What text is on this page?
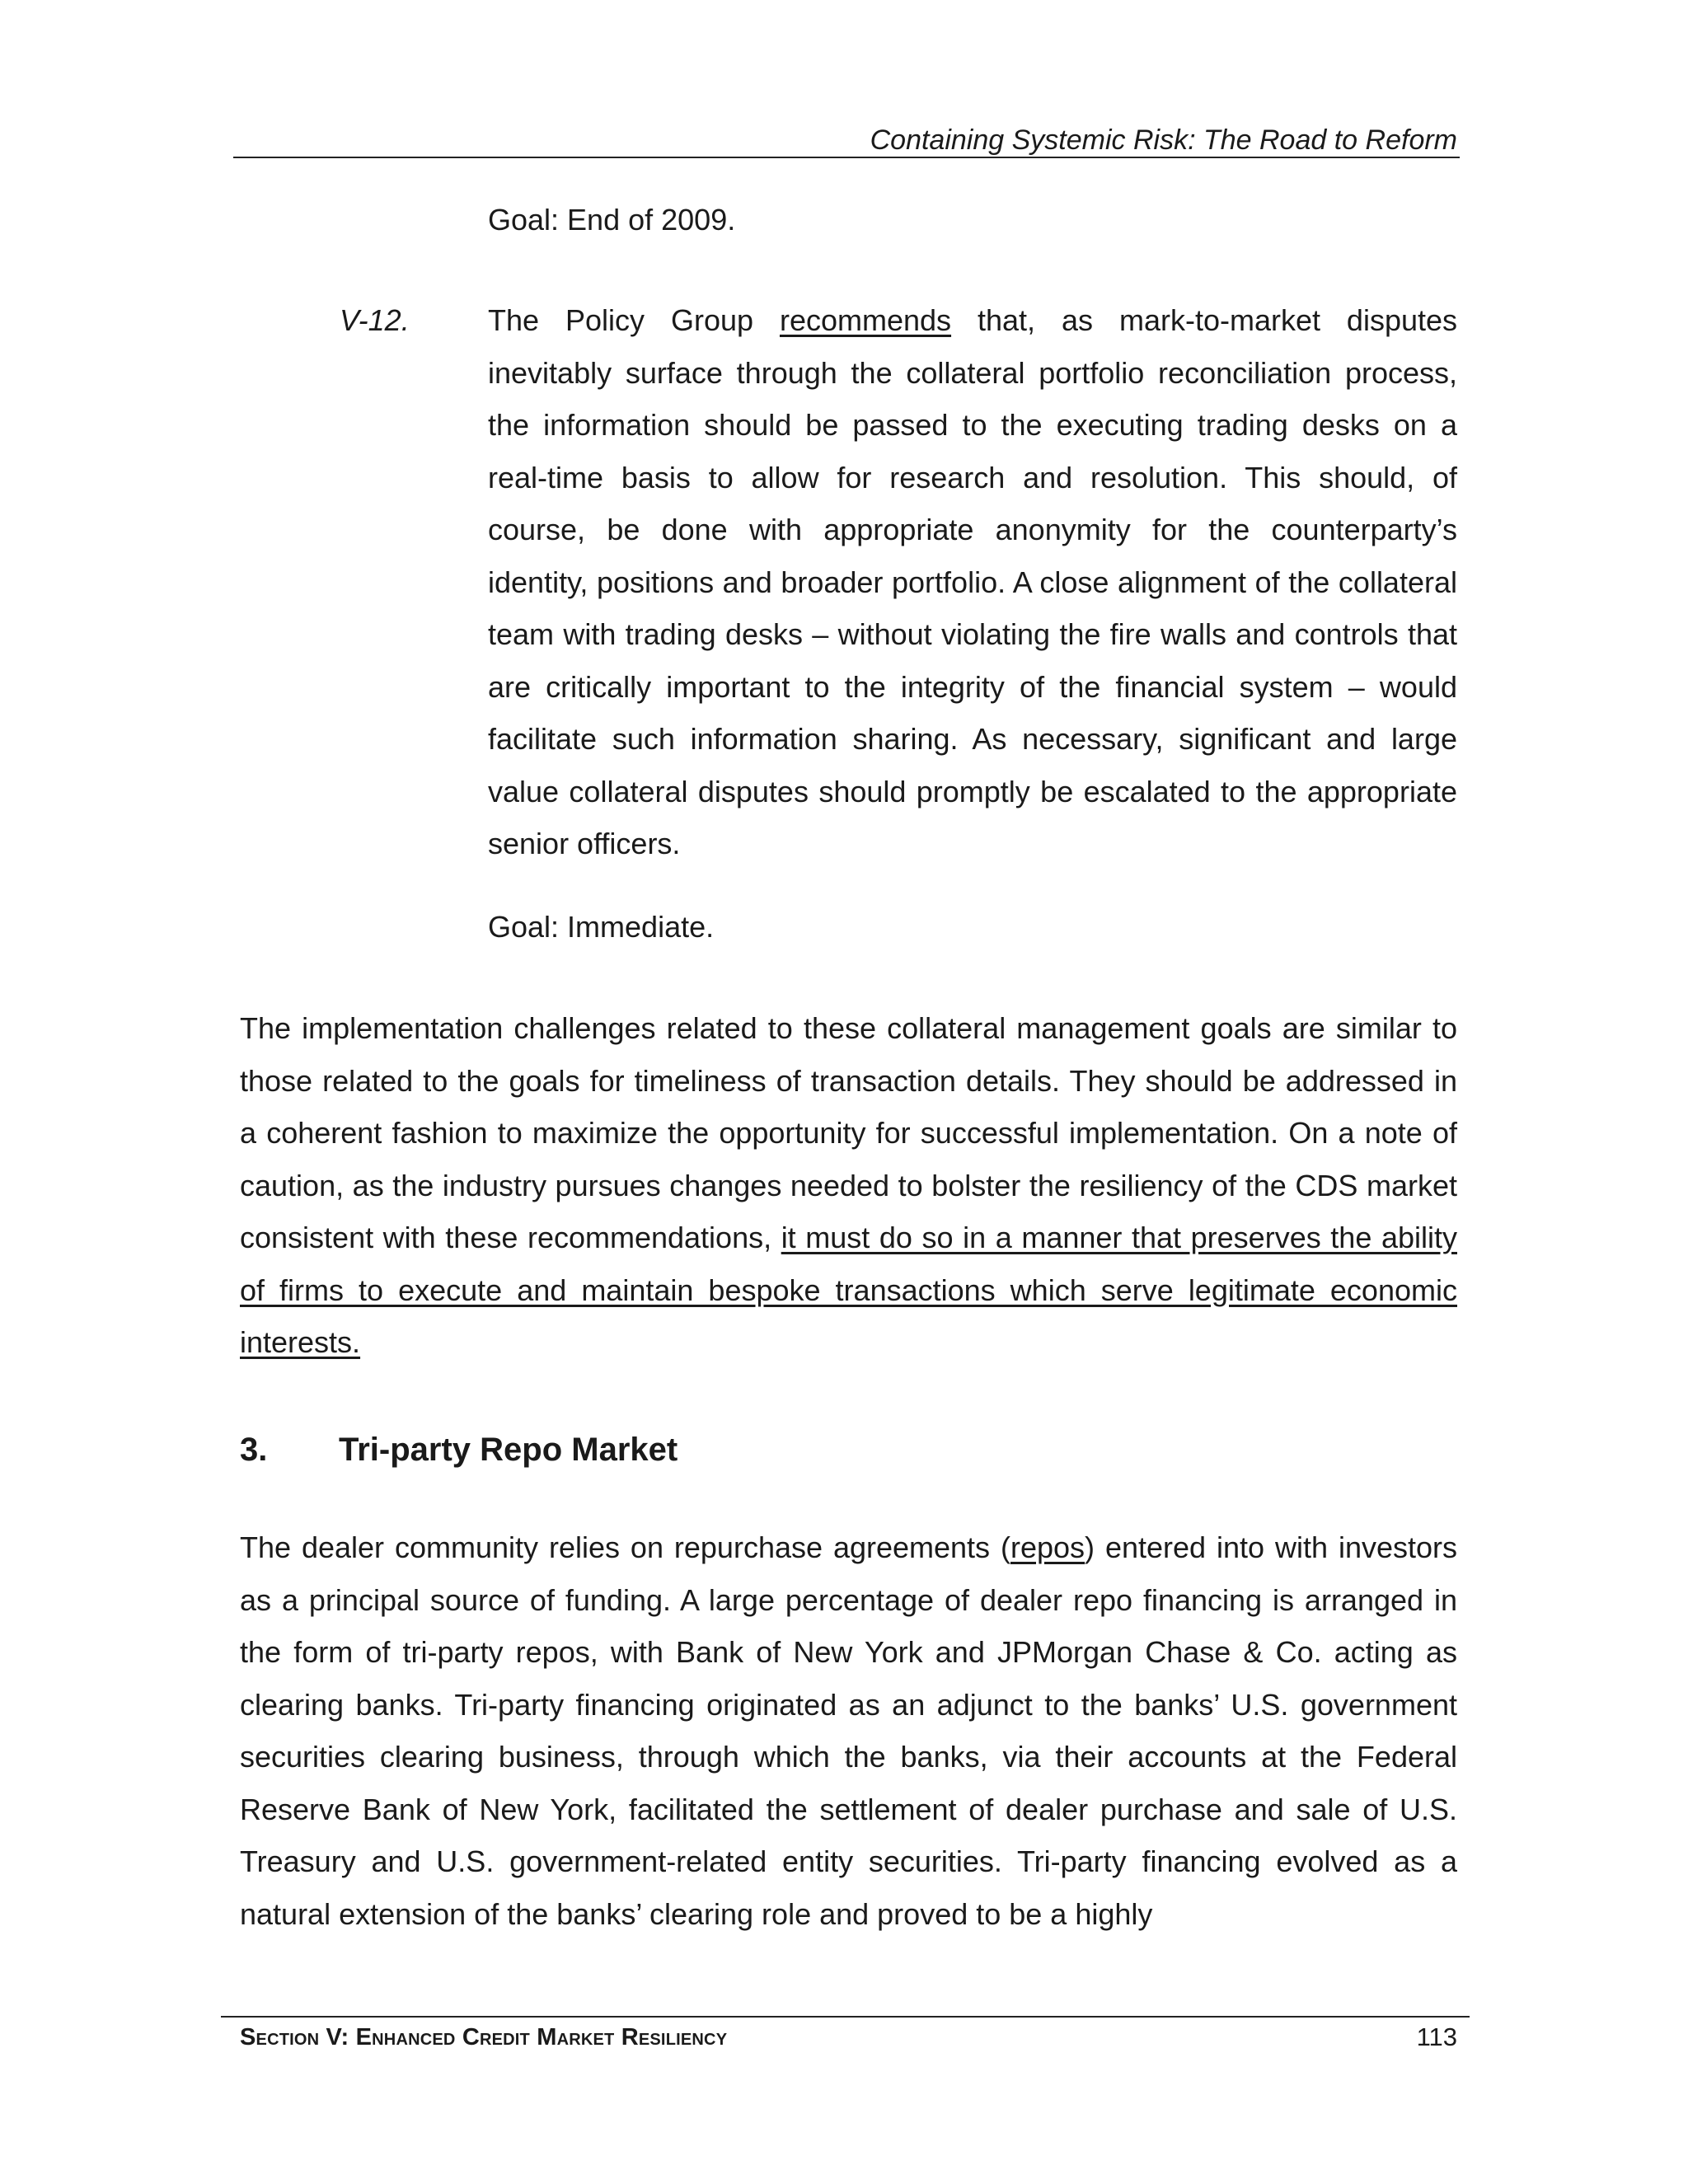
Containing Systemic Risk: The Road to Reform

Goal: End of 2009.

V-12.	The Policy Group recommends that, as mark-to-market disputes inevitably surface through the collateral portfolio reconciliation process, the information should be passed to the executing trading desks on a real-time basis to allow for research and resolution. This should, of course, be done with appropriate anonymity for the counterparty’s identity, positions and broader portfolio. A close alignment of the collateral team with trading desks – without violating the fire walls and controls that are critically important to the integrity of the financial system – would facilitate such information sharing. As necessary, significant and large value collateral disputes should promptly be escalated to the appropriate senior officers.

Goal: Immediate.

The implementation challenges related to these collateral management goals are similar to those related to the goals for timeliness of transaction details. They should be addressed in a coherent fashion to maximize the opportunity for successful implementation. On a note of caution, as the industry pursues changes needed to bolster the resiliency of the CDS market consistent with these recommendations, it must do so in a manner that preserves the ability of firms to execute and maintain bespoke transactions which serve legitimate economic interests.

3. Tri-party Repo Market

The dealer community relies on repurchase agreements (repos) entered into with investors as a principal source of funding. A large percentage of dealer repo financing is arranged in the form of tri-party repos, with Bank of New York and JPMorgan Chase & Co. acting as clearing banks. Tri-party financing originated as an adjunct to the banks’ U.S. government securities clearing business, through which the banks, via their accounts at the Federal Reserve Bank of New York, facilitated the settlement of dealer purchase and sale of U.S. Treasury and U.S. government-related entity securities. Tri-party financing evolved as a natural extension of the banks’ clearing role and proved to be a highly

Section V: Enhanced Credit Market Resiliency	113
